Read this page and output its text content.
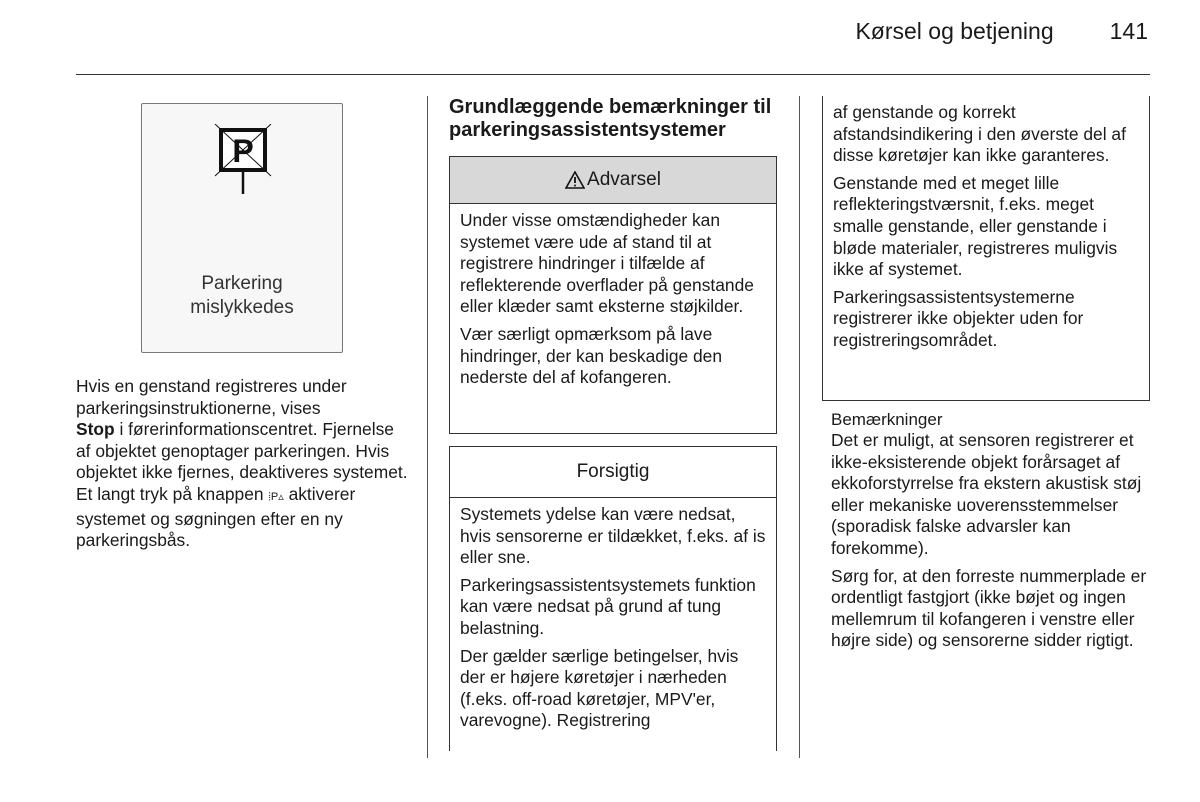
Kørsel og betjening 141
P
Parkering
mislykkedes

Hvis en genstand registreres under parkeringsinstruktionerne, vises
Stop i førerinformationscentret. Fjernelse af objektet genoptager parkeringen. Hvis objektet ikke fjernes, deaktiveres systemet. Et langt tryk på knappen ⦙P▵ aktiverer systemet og søgningen efter en ny parkeringsbås.

Grundlæggende bemærkninger til parkeringsassistentsystemer
Advarsel

Under visse omstændigheder kan systemet være ude af stand til at registrere hindringer i tilfælde af reflekterende overflader på genstande eller klæder samt eksterne støjkilder.

Vær særligt opmærksom på lave hindringer, der kan beskadige den nederste del af kofangeren.

Forsigtig

Systemets ydelse kan være nedsat, hvis sensorerne er tildækket, f.eks. af is eller sne.

Parkeringsassistentsystemets funktion kan være nedsat på grund af tung belastning.

Der gælder særlige betingelser, hvis der er højere køretøjer i nærheden (f.eks. off-road køretøjer, MPV'er, varevogne). Registrering

af genstande og korrekt afstandsindikering i den øverste del af disse køretøjer kan ikke garanteres.

Genstande med et meget lille reflekteringstværsnit, f.eks. meget smalle genstande, eller genstande i bløde materialer, registreres muligvis ikke af systemet.

Parkeringsassistentsystemerne registrerer ikke objekter uden for registreringsområdet.

Bemærkninger

Det er muligt, at sensoren registrerer et ikke-eksisterende objekt forårsaget af ekkoforstyrrelse fra ekstern akustisk støj eller mekaniske uoverensstemmelser (sporadisk falske advarsler kan forekomme).

Sørg for, at den forreste nummerplade er ordentligt fastgjort (ikke bøjet og ingen mellemrum til kofangeren i venstre eller højre side) og sensorerne sidder rigtigt.
